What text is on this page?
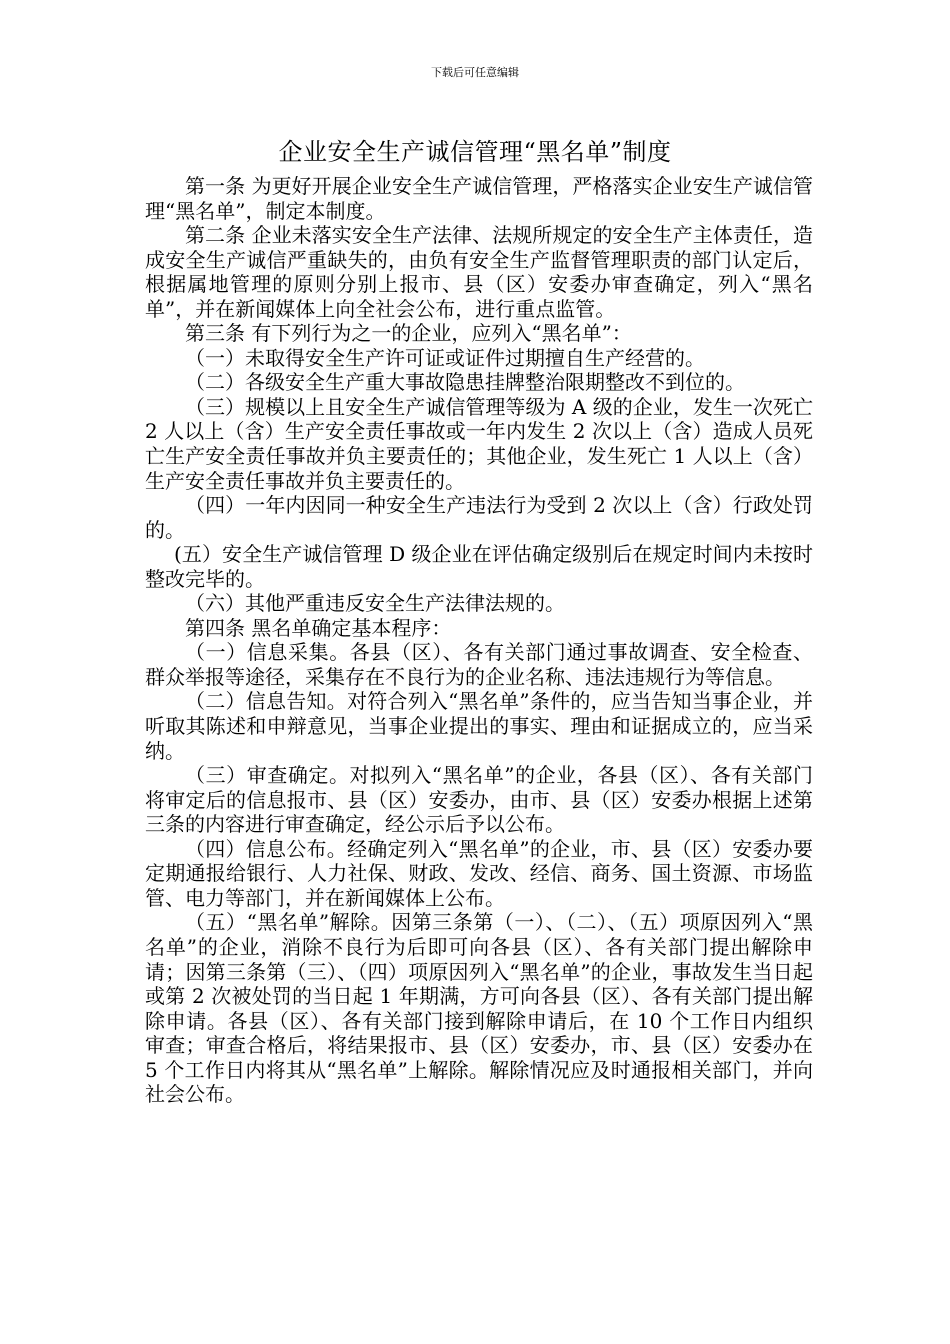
下载后可任意编辑
企业安全生产诚信管理“黑名单”制度

第一条 为更好开展企业安全生产诚信管理，严格落实企业安生产诚信管理“黑名单”，制定本制度。

第二条 企业未落实安全生产法律、法规所规定的安全生产主体责任，造成安全生产诚信严重缺失的，由负有安全生产监督管理职责的部门认定后，根据属地管理的原则分别上报市、县（区）安委办审查确定，列入“黑名单”，并在新闻媒体上向全社会公布，进行重点监管。

第三条 有下列行为之一的企业，应列入“黑名单”：

（一）未取得安全生产许可证或证件过期擅自生产经营的。

（二）各级安全生产重大事故隐患挂牌整治限期整改不到位的。

（三）规模以上且安全生产诚信管理等级为 A 级的企业，发生一次死亡 2 人以上（含）生产安全责任事故或一年内发生 2 次以上（含）造成人员死亡生产安全责任事故并负主要责任的；其他企业，发生死亡 1 人以上（含）生产安全责任事故并负主要责任的。

（四）一年内因同一种安全生产违法行为受到 2 次以上（含）行政处罚的。

(五）安全生产诚信管理 D 级企业在评估确定级别后在规定时间内未按时整改完毕的。

（六）其他严重违反安全生产法律法规的。

第四条 黑名单确定基本程序：

（一）信息采集。各县（区）、各有关部门通过事故调查、安全检查、群众举报等途径，采集存在不良行为的企业名称、违法违规行为等信息。

（二）信息告知。对符合列入“黑名单”条件的，应当告知当事企业，并听取其陈述和申辩意见，当事企业提出的事实、理由和证据成立的，应当采纳。

（三）审查确定。对拟列入“黑名单”的企业，各县（区）、各有关部门将审定后的信息报市、县（区）安委办，由市、县（区）安委办根据上述第三条的内容进行审查确定，经公示后予以公布。

（四）信息公布。经确定列入“黑名单”的企业，市、县（区）安委办要定期通报给银行、人力社保、财政、发改、经信、商务、国土资源、市场监管、电力等部门，并在新闻媒体上公布。

（五）“黑名单”解除。因第三条第（一）、（二）、（五）项原因列入“黑名单”的企业，消除不良行为后即可向各县（区）、各有关部门提出解除申请；因第三条第（三）、（四）项原因列入“黑名单”的企业，事故发生当日起或第 2 次被处罚的当日起 1 年期满，方可向各县（区）、各有关部门提出解除申请。各县（区）、各有关部门接到解除申请后，在 10 个工作日内组织审查；审查合格后，将结果报市、县（区）安委办，市、县（区）安委办在 5 个工作日内将其从“黑名单”上解除。解除情况应及时通报相关部门，并向社会公布。
